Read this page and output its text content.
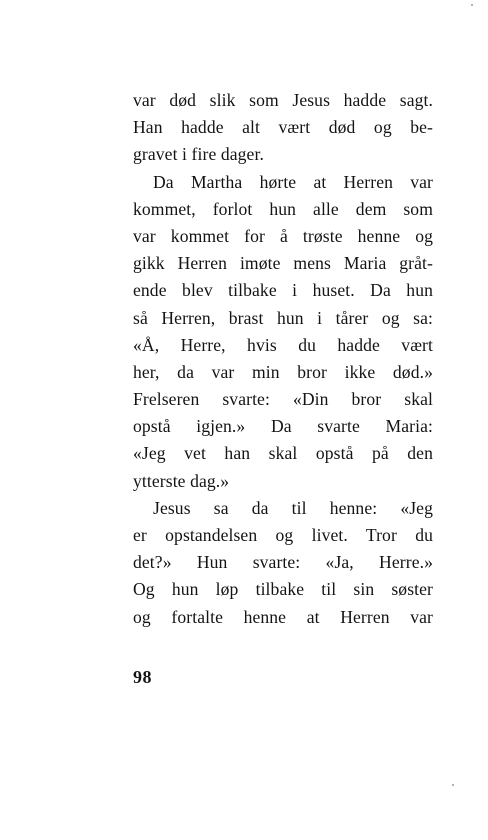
var død slik som Jesus hadde sagt.
Han hadde alt vært død og be-
gravet i fire dager.
Da Martha hørte at Herren var
kommet, forlot hun alle dem som
var kommet for å trøste henne og
gikk Herren imøte mens Maria gråt-
ende blev tilbake i huset. Da hun
så Herren, brast hun i tårer og sa:
«Å, Herre, hvis du hadde vært
her, da var min bror ikke død.»
Frelseren svarte: «Din bror skal
opstå igjen.» Da svarte Maria:
«Jeg vet han skal opstå på den
ytterste dag.»
Jesus sa da til henne: «Jeg
er opstandelsen og livet. Tror du
det?» Hun svarte: «Ja, Herre.»
Og hun løp tilbake til sin søster
og fortalte henne at Herren var
98
